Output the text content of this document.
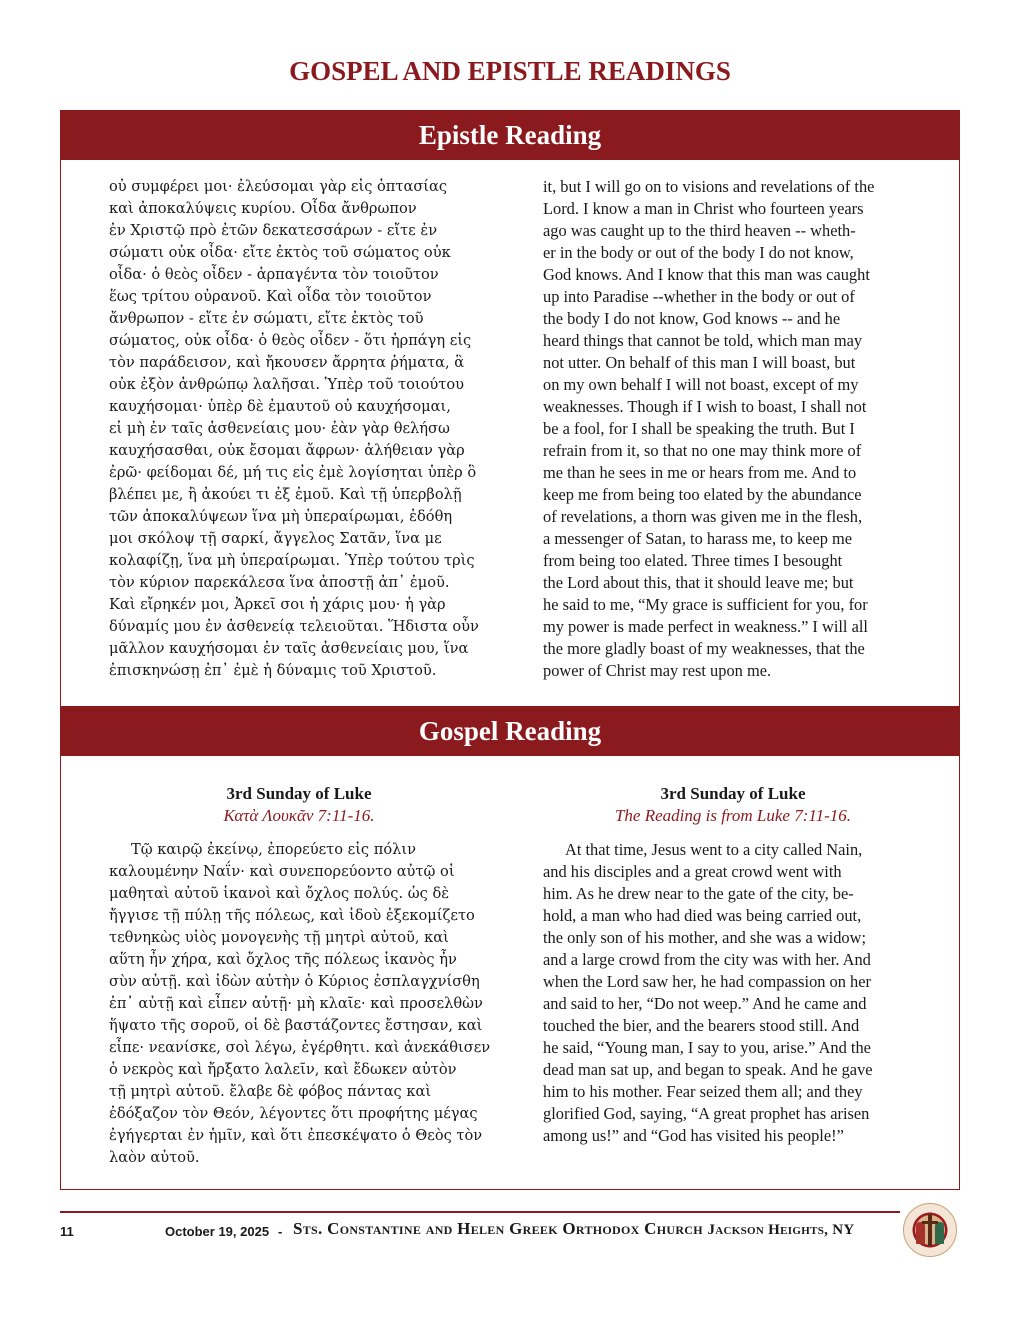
GOSPEL AND EPISTLE READINGS
Epistle Reading
οὐ συμφέρει μοι· ἐλεύσομαι γὰρ εἰς ὀπτασίας
καὶ ἀποκαλύψεις κυρίου. Οἶδα ἄνθρωπον
ἐν Χριστῷ πρὸ ἐτῶν δεκατεσσάρων - εἴτε ἐν
σώματι οὐκ οἶδα· εἴτε ἐκτὸς τοῦ σώματος οὐκ
οἶδα· ὁ θεὸς οἶδεν - ἁρπαγέντα τὸν τοιοῦτον
ἕως τρίτου οὐρανοῦ. Καὶ οἶδα τὸν τοιοῦτον
ἄνθρωπον - εἴτε ἐν σώματι, εἴτε ἐκτὸς τοῦ
σώματος, οὐκ οἶδα· ὁ θεὸς οἶδεν - ὅτι ἡρπάγη εἰς
τὸν παράδεισον, καὶ ἤκουσεν ἄρρητα ῥήματα, ἃ
οὐκ ἐξὸν ἀνθρώπῳ λαλῆσαι. Ὑπὲρ τοῦ τοιούτου
καυχήσομαι· ὑπὲρ δὲ ἐμαυτοῦ οὐ καυχήσομαι,
εἰ μὴ ἐν ταῖς ἀσθενείαις μου· ἐὰν γὰρ θελήσω
καυχήσασθαι, οὐκ ἔσομαι ἄφρων· ἀλήθειαν γὰρ
ἐρῶ· φείδομαι δέ, μή τις εἰς ἐμὲ λογίσηται ὑπὲρ ὃ
βλέπει με, ἢ ἀκούει τι ἐξ ἐμοῦ. Καὶ τῇ ὑπερβολῇ
τῶν ἀποκαλύψεων ἵνα μὴ ὑπεραίρωμαι, ἐδόθη
μοι σκόλοψ τῇ σαρκί, ἄγγελος Σατᾶν, ἵνα με
κολαφίζῃ, ἵνα μὴ ὑπεραίρωμαι. Ὑπὲρ τούτου τρὶς
τὸν κύριον παρεκάλεσα ἵνα ἀποστῇ ἀπ᾽ ἐμοῦ.
Καὶ εἴρηκέν μοι, Ἀρκεῖ σοι ἡ χάρις μου· ἡ γὰρ
δύναμίς μου ἐν ἀσθενείᾳ τελειοῦται. Ἥδιστα οὖν
μᾶλλον καυχήσομαι ἐν ταῖς ἀσθενείαις μου, ἵνα
ἐπισκηνώσῃ ἐπ᾽ ἐμὲ ἡ δύναμις τοῦ Χριστοῦ.
it, but I will go on to visions and revelations of the
Lord. I know a man in Christ who fourteen years
ago was caught up to the third heaven -- wheth-
er in the body or out of the body I do not know,
God knows. And I know that this man was caught
up into Paradise --whether in the body or out of
the body I do not know, God knows -- and he
heard things that cannot be told, which man may
not utter. On behalf of this man I will boast, but
on my own behalf I will not boast, except of my
weaknesses. Though if I wish to boast, I shall not
be a fool, for I shall be speaking the truth. But I
refrain from it, so that no one may think more of
me than he sees in me or hears from me. And to
keep me from being too elated by the abundance
of revelations, a thorn was given me in the flesh,
a messenger of Satan, to harass me, to keep me
from being too elated. Three times I besought
the Lord about this, that it should leave me; but
he said to me, “My grace is sufficient for you, for
my power is made perfect in weakness.” I will all
the more gladly boast of my weaknesses, that the
power of Christ may rest upon me.
Gospel Reading
3rd Sunday of Luke
Κατὰ Λουκᾶν 7:11-16.
Τῷ καιρῷ ἐκείνῳ, ἐπορεύετο εἰς πόλιν
καλουμένην Ναΐν· καὶ συνεπορεύοντο αὐτῷ οἱ
μαθηταὶ αὐτοῦ ἱκανοὶ καὶ ὄχλος πολύς. ὡς δὲ
ἤγγισε τῇ πύλῃ τῆς πόλεως, καὶ ἰδοὺ ἐξεκομίζετο
τεθνηκὼς υἱὸς μονογενὴς τῇ μητρὶ αὐτοῦ, καὶ
αὕτη ἦν χήρα, καὶ ὄχλος τῆς πόλεως ἱκανὸς ἦν
σὺν αὐτῇ. καὶ ἰδὼν αὐτὴν ὁ Κύριος ἐσπλαγχνίσθη
ἐπ᾽ αὐτῇ καὶ εἶπεν αὐτῇ· μὴ κλαῖε· καὶ προσελθὼν
ἥψατο τῆς σοροῦ, οἱ δὲ βαστάζοντες ἔστησαν, καὶ
εἶπε· νεανίσκε, σοὶ λέγω, ἐγέρθητι. καὶ ἀνεκάθισεν
ὁ νεκρὸς καὶ ἤρξατο λαλεῖν, καὶ ἔδωκεν αὐτὸν
τῇ μητρὶ αὐτοῦ. ἔλαβε δὲ φόβος πάντας καὶ
ἐδόξαζον τὸν Θεόν, λέγοντες ὅτι προφήτης μέγας
ἐγήγερται ἐν ἡμῖν, καὶ ὅτι ἐπεσκέψατο ὁ Θεὸς τὸν
λαὸν αὐτοῦ.
3rd Sunday of Luke
The Reading is from Luke 7:11-16.
At that time, Jesus went to a city called Nain,
and his disciples and a great crowd went with
him. As he drew near to the gate of the city, be-
hold, a man who had died was being carried out,
the only son of his mother, and she was a widow;
and a large crowd from the city was with her. And
when the Lord saw her, he had compassion on her
and said to her, “Do not weep.” And he came and
touched the bier, and the bearers stood still. And
he said, “Young man, I say to you, arise.” And the
dead man sat up, and began to speak. And he gave
him to his mother. Fear seized them all; and they
glorified God, saying, “A great prophet has arisen
among us!” and “God has visited his people!”
11	October 19, 2025 - Sts. Constantine and Helen Greek Orthodox Church Jackson Heights, NY
